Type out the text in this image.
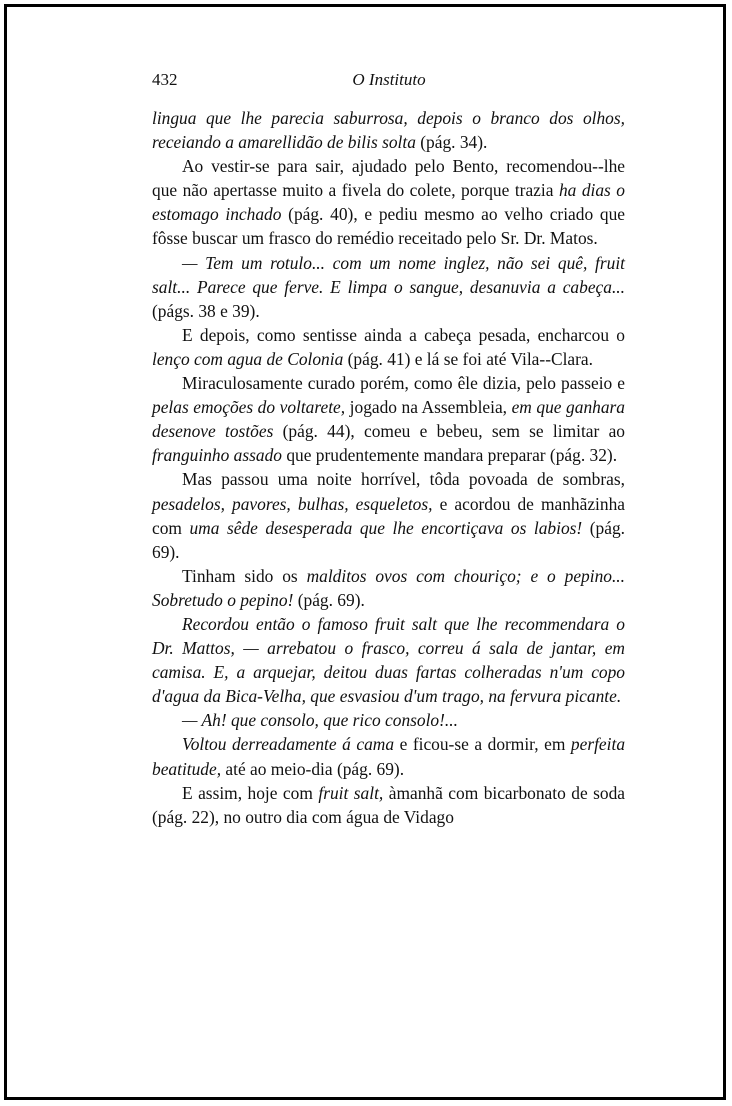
432	O Instituto

lingua que lhe parecia saburrosa, depois o branco dos olhos, receiando a amarellidão de bilis solta (pág. 34).

Ao vestir-se para sair, ajudado pelo Bento, recomendou--lhe que não apertasse muito a fivela do colete, porque trazia ha dias o estomago inchado (pág. 40), e pediu mesmo ao velho criado que fôsse buscar um frasco do remédio receitado pelo Sr. Dr. Matos.

— Tem um rotulo... com um nome inglez, não sei quê, fruit salt... Parece que ferve. E limpa o sangue, desanuvia a cabeça... (págs. 38 e 39).

E depois, como sentisse ainda a cabeça pesada, encharcou o lenço com agua de Colonia (pág. 41) e lá se foi até Vila--Clara.

Miraculosamente curado porém, como êle dizia, pelo passeio e pelas emoções do voltarete, jogado na Assembleia, em que ganhara desenove tostões (pág. 44), comeu e bebeu, sem se limitar ao franguinho assado que prudentemente mandara preparar (pág. 32).

Mas passou uma noite horrível, tôda povoada de sombras, pesadelos, pavores, bulhas, esqueletos, e acordou de manhãzinha com uma sêde desesperada que lhe encortiçava os labios! (pág. 69).

Tinham sido os malditos ovos com chouriço; e o pepino... Sobretudo o pepino! (pág. 69).

Recordou então o famoso fruit salt que lhe recommendara o Dr. Mattos, — arrebatou o frasco, correu á sala de jantar, em camisa. E, a arquejar, deitou duas fartas colheradas n'um copo d'agua da Bica-Velha, que esvasiou d'um trago, na fervura picante.

— Ah! que consolo, que rico consolo!...

Voltou derreadamente á cama e ficou-se a dormir, em perfeita beatitude, até ao meio-dia (pág. 69).

E assim, hoje com fruit salt, àmanhã com bicarbonato de soda (pág. 22), no outro dia com água de Vidago
